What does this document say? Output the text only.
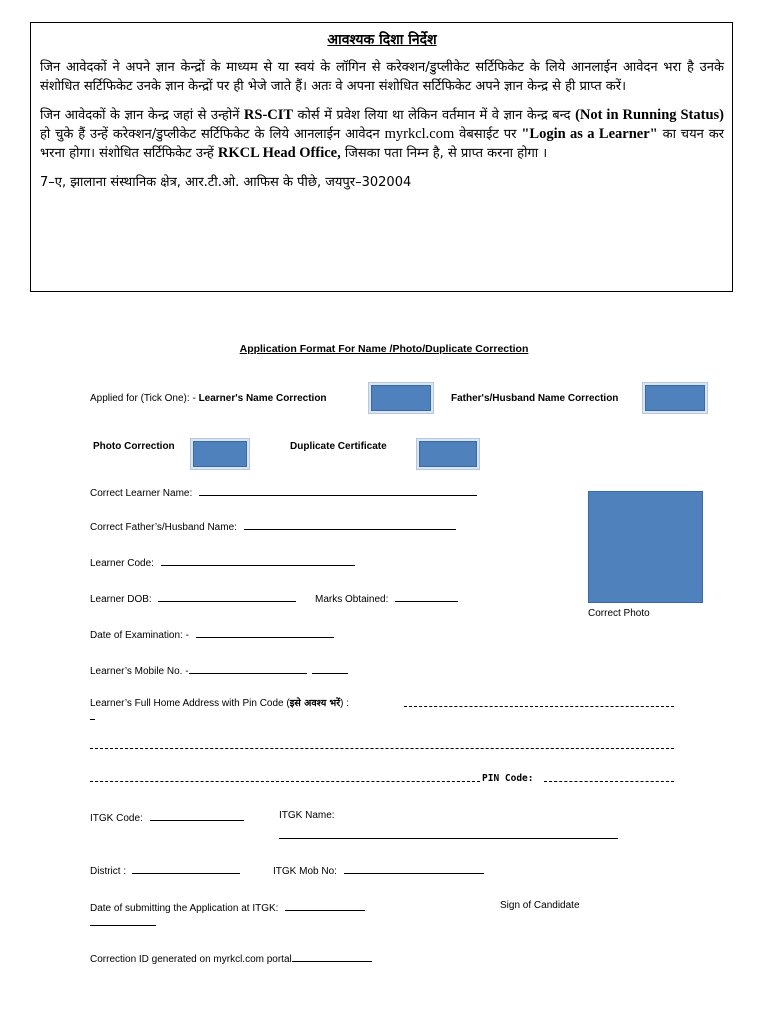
आवश्यक दिशा निर्देश

जिन आवेदकों ने अपने ज्ञान केन्द्रों के माध्यम से या स्वयं के लॉगिन से करेक्शन/डुप्लीकेट सर्टिफिकेट के लिये आनलाईन आवेदन भरा है उनके संशोधित सर्टिफिकेट उनके ज्ञान केन्द्रों पर ही भेजे जाते हैं। अतः वे अपना संशोधित सर्टिफिकेट अपने ज्ञान केन्द्र से ही प्राप्त करें।

जिन आवेदकों के ज्ञान केन्द्र जहां से उन्होनें RS-CIT कोर्स में प्रवेश लिया था लेकिन वर्तमान में वे ज्ञान केन्द्र बन्द (Not in Running Status) हो चुके हैं उन्हें करेक्शन/डुप्लीकेट सर्टिफिकेट के लिये आनलाईन आवेदन myrkcl.com वेबसाईट पर "Login as a Learner" का चयन कर भरना होगा। संशोधित सर्टिफिकेट उन्हें RKCL Head Office, जिसका पता निम्न है, से प्राप्त करना होगा ।

7–ए, झालाना संस्थानिक क्षेत्र, आर.टी.ओ. आफिस के पीछे, जयपुर–302004
Application Format For Name /Photo/Duplicate Correction
Applied for (Tick One): - Learner's Name Correction	Father's/Husband Name Correction
Photo Correction	Duplicate Certificate
Correct Photo
Correct Learner Name:
Correct Father’s/Husband Name:
Learner Code:
Learner DOB:	Marks Obtained:
Date of Examination: -
Learner’s Mobile No. -
Learner’s Full Home Address with Pin Code (इसे अवश्य भरें) :
PIN Code:
ITGK Code:	ITGK Name:
District :	ITGK Mob No:
Date of submitting the Application at ITGK:	Sign of Candidate
Correction ID generated on myrkcl.com portal
